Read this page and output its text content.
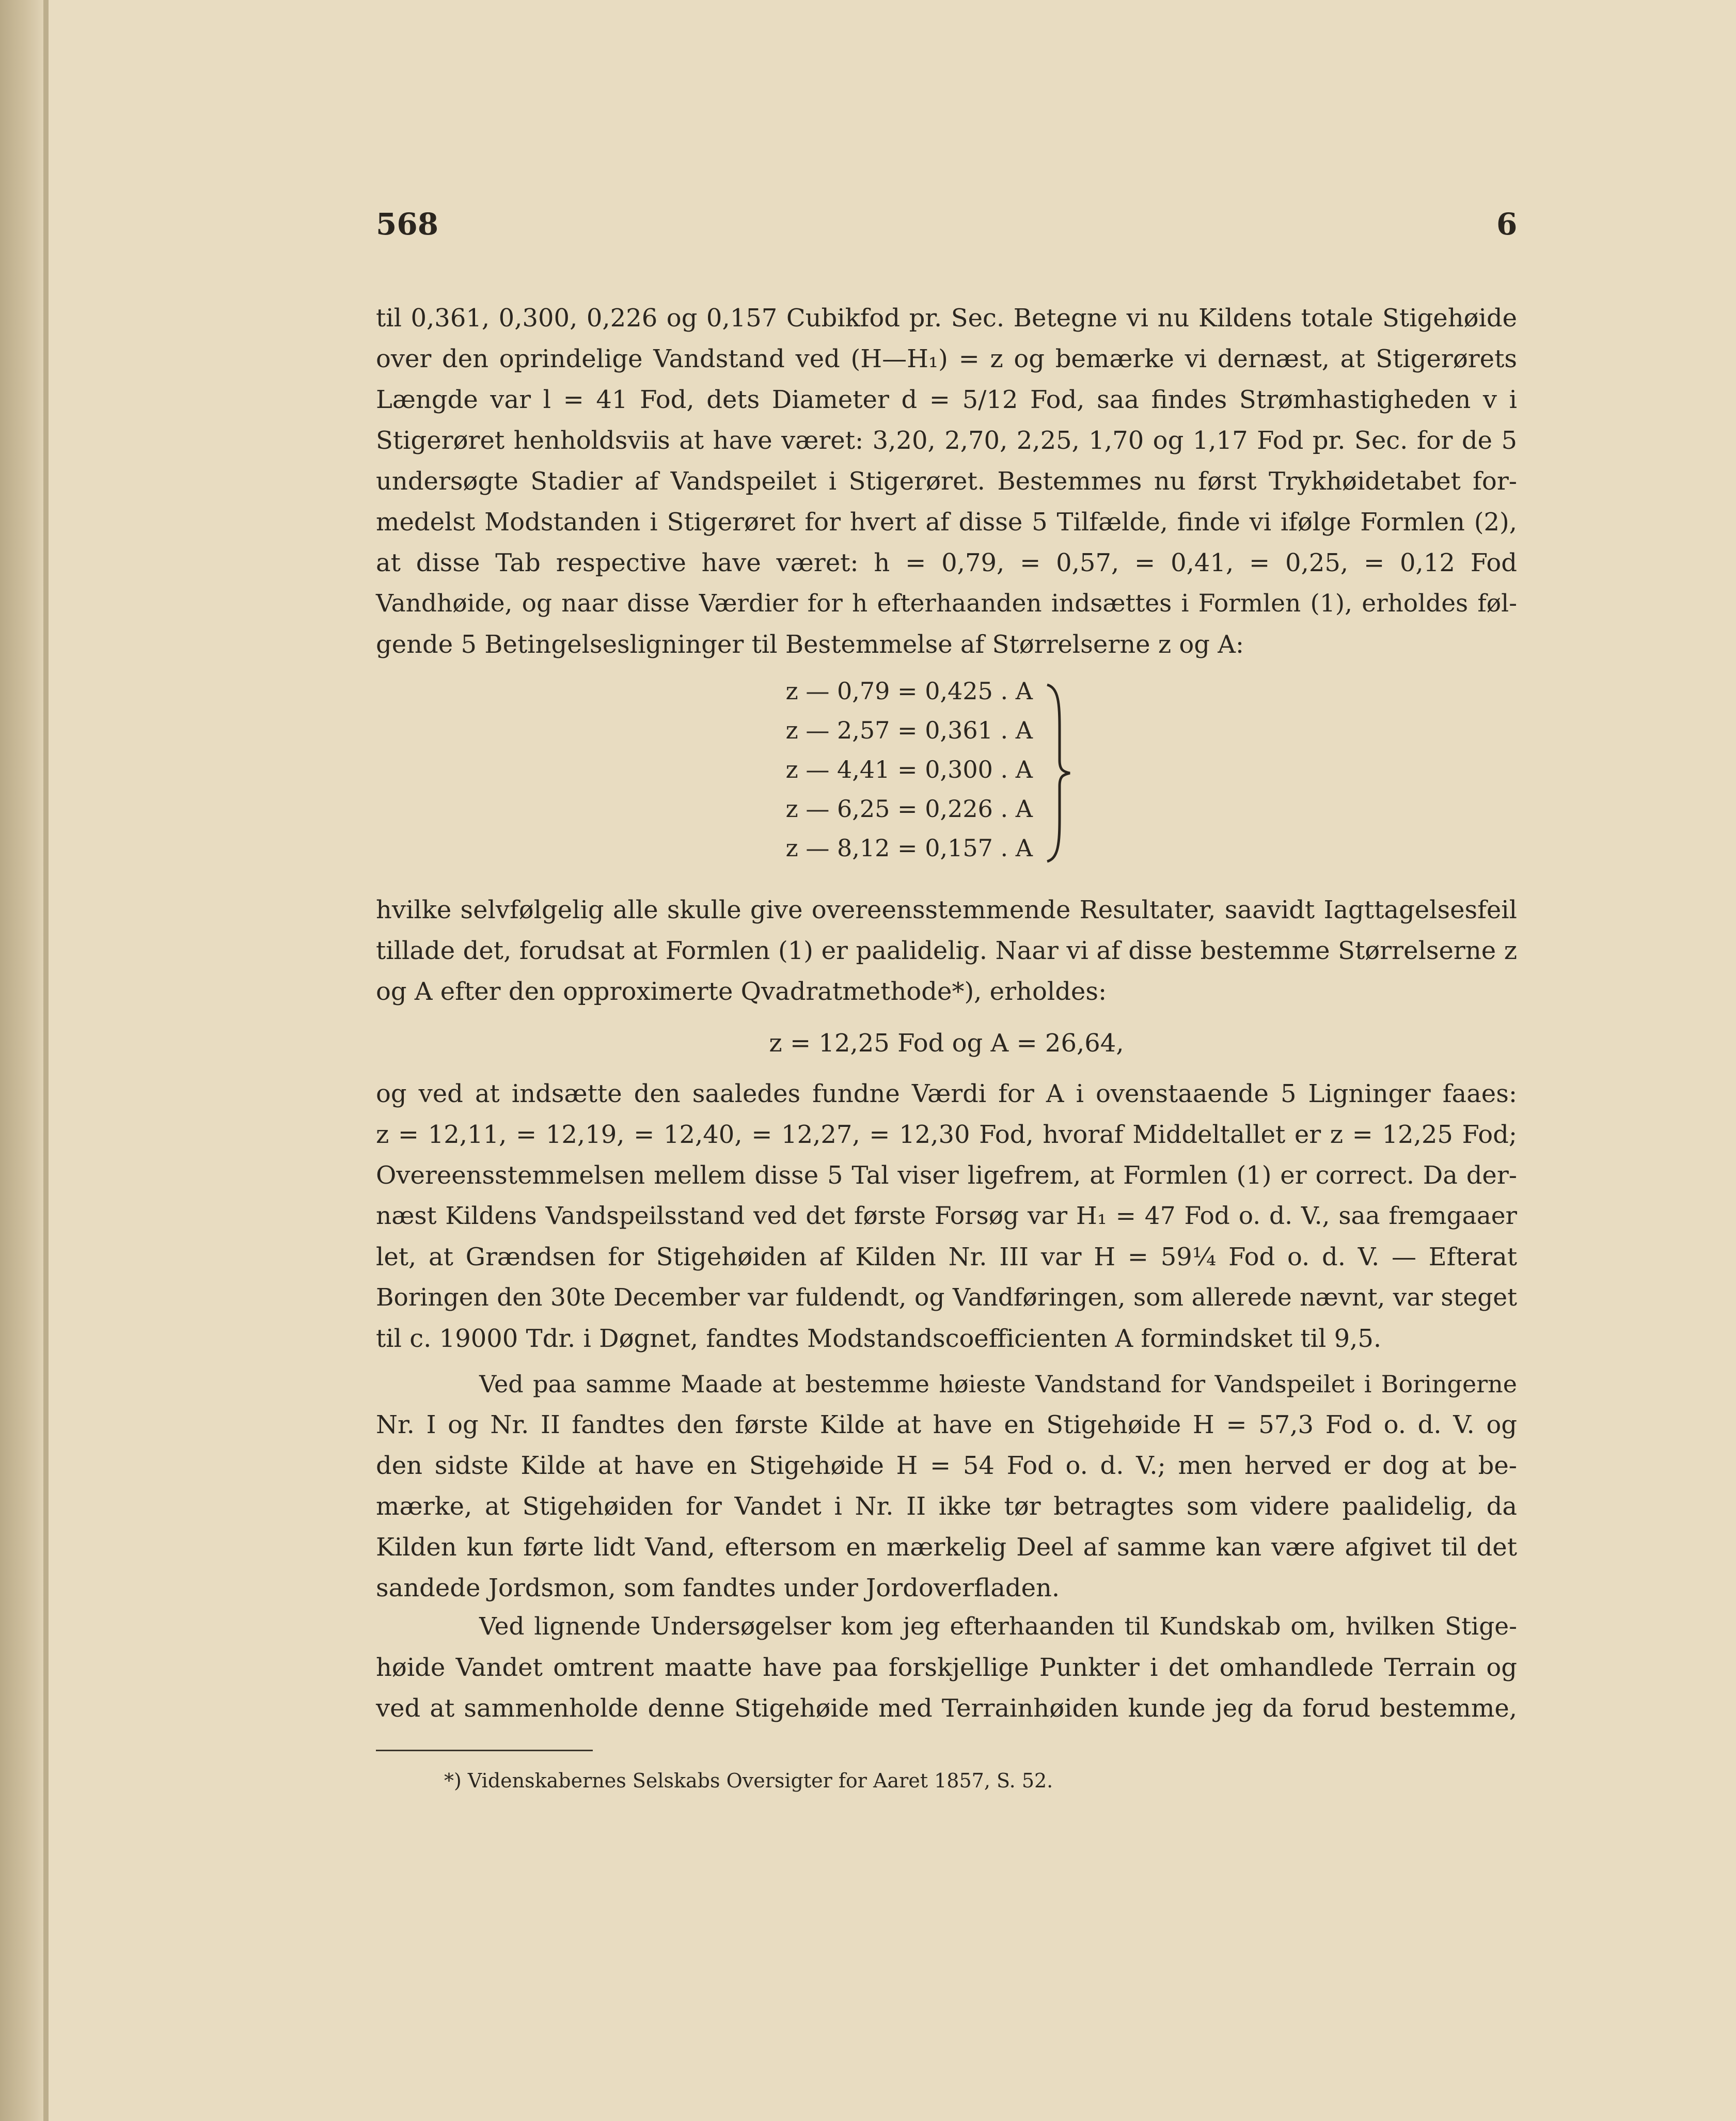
568	6
til 0,361, 0,300, 0,226 og 0,157 Cubikfod pr. Sec. Betegne vi nu Kildens totale Stigehøide
over den oprindelige Vandstand ved (H—H₁) = z og bemærke vi dernæst, at Stigerørets
Længde var l = 41 Fod, dets Diameter d = 5/12 Fod, saa findes Strømhastigheden v i
Stigerøret henholdsviis at have været: 3,20, 2,70, 2,25, 1,70 og 1,17 Fod pr. Sec. for de 5
undersøgte Stadier af Vandspeilet i Stigerøret. Bestemmes nu først Trykhøidetabet for-
medelst Modstanden i Stigerøret for hvert af disse 5 Tilfælde, finde vi ifølge Formlen (2),
at disse Tab respective have været: h = 0,79, = 0,57, = 0,41, = 0,25, = 0,12 Fod
Vandhøide, og naar disse Værdier for h efterhaanden indsættes i Formlen (1), erholdes føl-
gende 5 Betingelsesligninger til Bestemmelse af Størrelserne z og A:
z — 0,79 = 0,425 . A
z — 2,57 = 0,361 . A
z — 4,41 = 0,300 . A
z — 6,25 = 0,226 . A
z — 8,12 = 0,157 . A
hvilke selvfølgelig alle skulle give overeensstemmende Resultater, saavidt Iagttagelsesfeil
tillade det, forudsat at Formlen (1) er paalidelig. Naar vi af disse bestemme Størrelserne z
og A efter den opproximerte Qvadratmethode*), erholdes:
z = 12,25 Fod og A = 26,64,
og ved at indsætte den saaledes fundne Værdi for A i ovenstaaende 5 Ligninger faaes:
z = 12,11, = 12,19, = 12,40, = 12,27, = 12,30 Fod, hvoraf Middeltallet er z = 12,25 Fod;
Overeensstemmelsen mellem disse 5 Tal viser ligefrem, at Formlen (1) er correct. Da der-
næst Kildens Vandspeilsstand ved det første Forsøg var H₁ = 47 Fod o. d. V., saa fremgaaer
let, at Grændsen for Stigehøiden af Kilden Nr. III var H = 59¼ Fod o. d. V. — Efterat
Boringen den 30te December var fuldendt, og Vandføringen, som allerede nævnt, var steget
til c. 19000 Tdr. i Døgnet, fandtes Modstandscoefficienten A formindsket til 9,5.
Ved paa samme Maade at bestemme høieste Vandstand for Vandspeilet i Boringerne
Nr. I og Nr. II fandtes den første Kilde at have en Stigehøide H = 57,3 Fod o. d. V. og
den sidste Kilde at have en Stigehøide H = 54 Fod o. d. V.; men herved er dog at be-
mærke, at Stigehøiden for Vandet i Nr. II ikke tør betragtes som videre paalidelig, da
Kilden kun førte lidt Vand, eftersom en mærkelig Deel af samme kan være afgivet til det
sandede Jordsmon, som fandtes under Jordoverfladen.
Ved lignende Undersøgelser kom jeg efterhaanden til Kundskab om, hvilken Stige-
høide Vandet omtrent maatte have paa forskjellige Punkter i det omhandlede Terrain og
ved at sammenholde denne Stigehøide med Terrainhøiden kunde jeg da forud bestemme,
*) Videnskabernes Selskabs Oversigter for Aaret 1857, S. 52.
